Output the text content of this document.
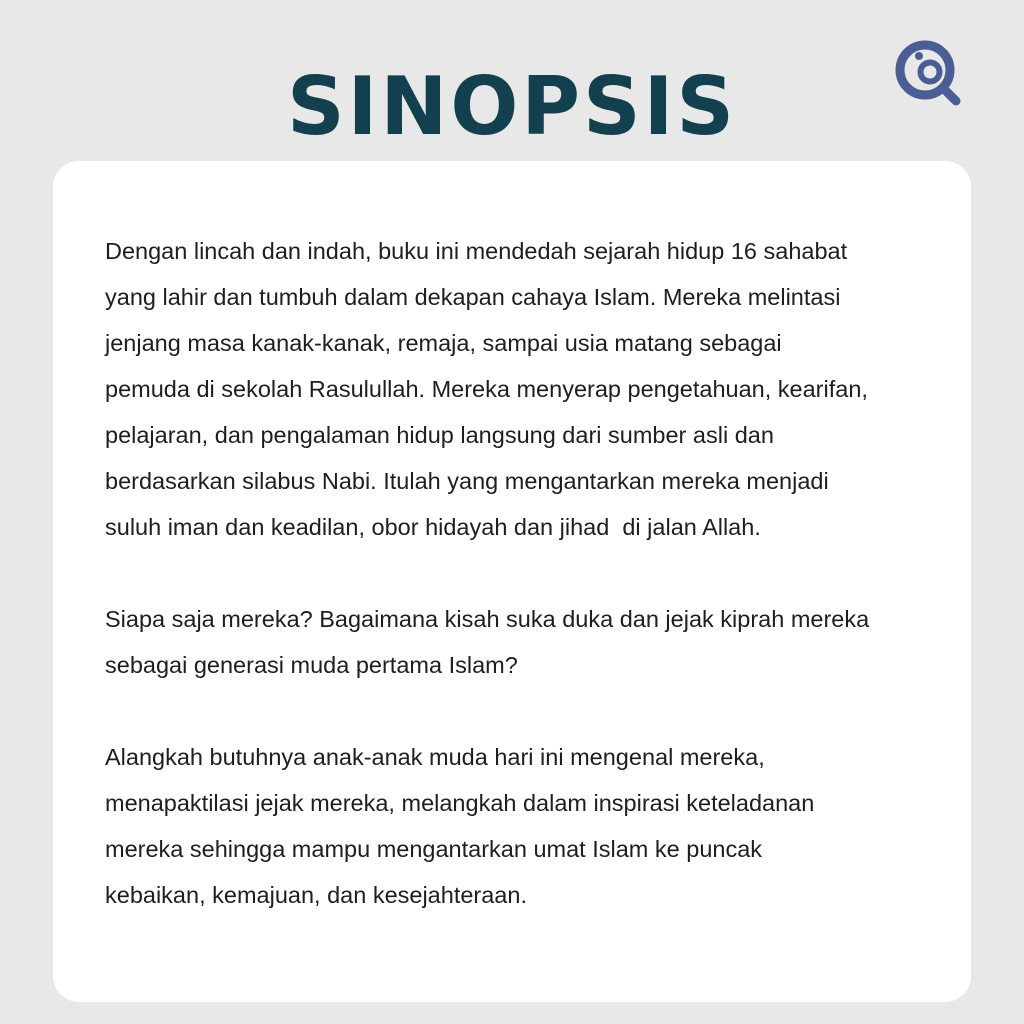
SINOPSIS

Dengan lincah dan indah, buku ini mendedah sejarah hidup 16 sahabat
yang lahir dan tumbuh dalam dekapan cahaya Islam. Mereka melintasi
jenjang masa kanak-kanak, remaja, sampai usia matang sebagai
pemuda di sekolah Rasulullah. Mereka menyerap pengetahuan, kearifan,
pelajaran, dan pengalaman hidup langsung dari sumber asli dan
berdasarkan silabus Nabi. Itulah yang mengantarkan mereka menjadi
suluh iman dan keadilan, obor hidayah dan jihad  di jalan Allah.

Siapa saja mereka? Bagaimana kisah suka duka dan jejak kiprah mereka
sebagai generasi muda pertama Islam?

Alangkah butuhnya anak-anak muda hari ini mengenal mereka,
menapaktilasi jejak mereka, melangkah dalam inspirasi keteladanan
mereka sehingga mampu mengantarkan umat Islam ke puncak
kebaikan, kemajuan, dan kesejahteraan.
